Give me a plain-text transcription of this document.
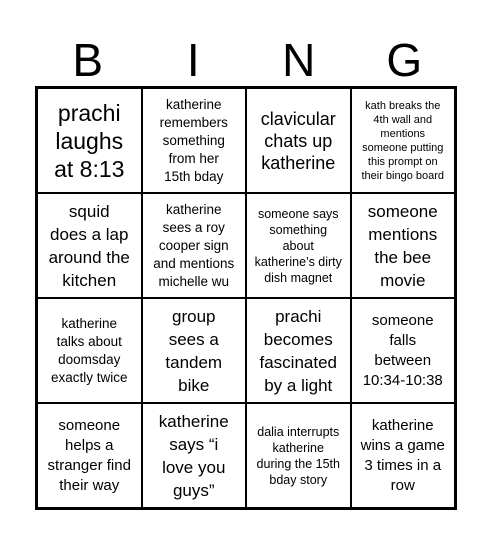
B	I	N	G
prachi
laughs
at 8:13
katherine
remembers
something
from her
15th bday
clavicular
chats up
katherine
kath breaks the
4th wall and
mentions
someone putting
this prompt on
their bingo board
squid
does a lap
around the
kitchen
katherine
sees a roy
cooper sign
and mentions
michelle wu
someone says
something
about
katherine’s dirty
dish magnet
someone
mentions
the bee
movie
katherine
talks about
doomsday
exactly twice
group
sees a
tandem
bike
prachi
becomes
fascinated
by a light
someone
falls
between
10:34-10:38
someone
helps a
stranger find
their way
katherine
says “i
love you
guys”
dalia interrupts
katherine
during the 15th
bday story
katherine
wins a game
3 times in a
row
